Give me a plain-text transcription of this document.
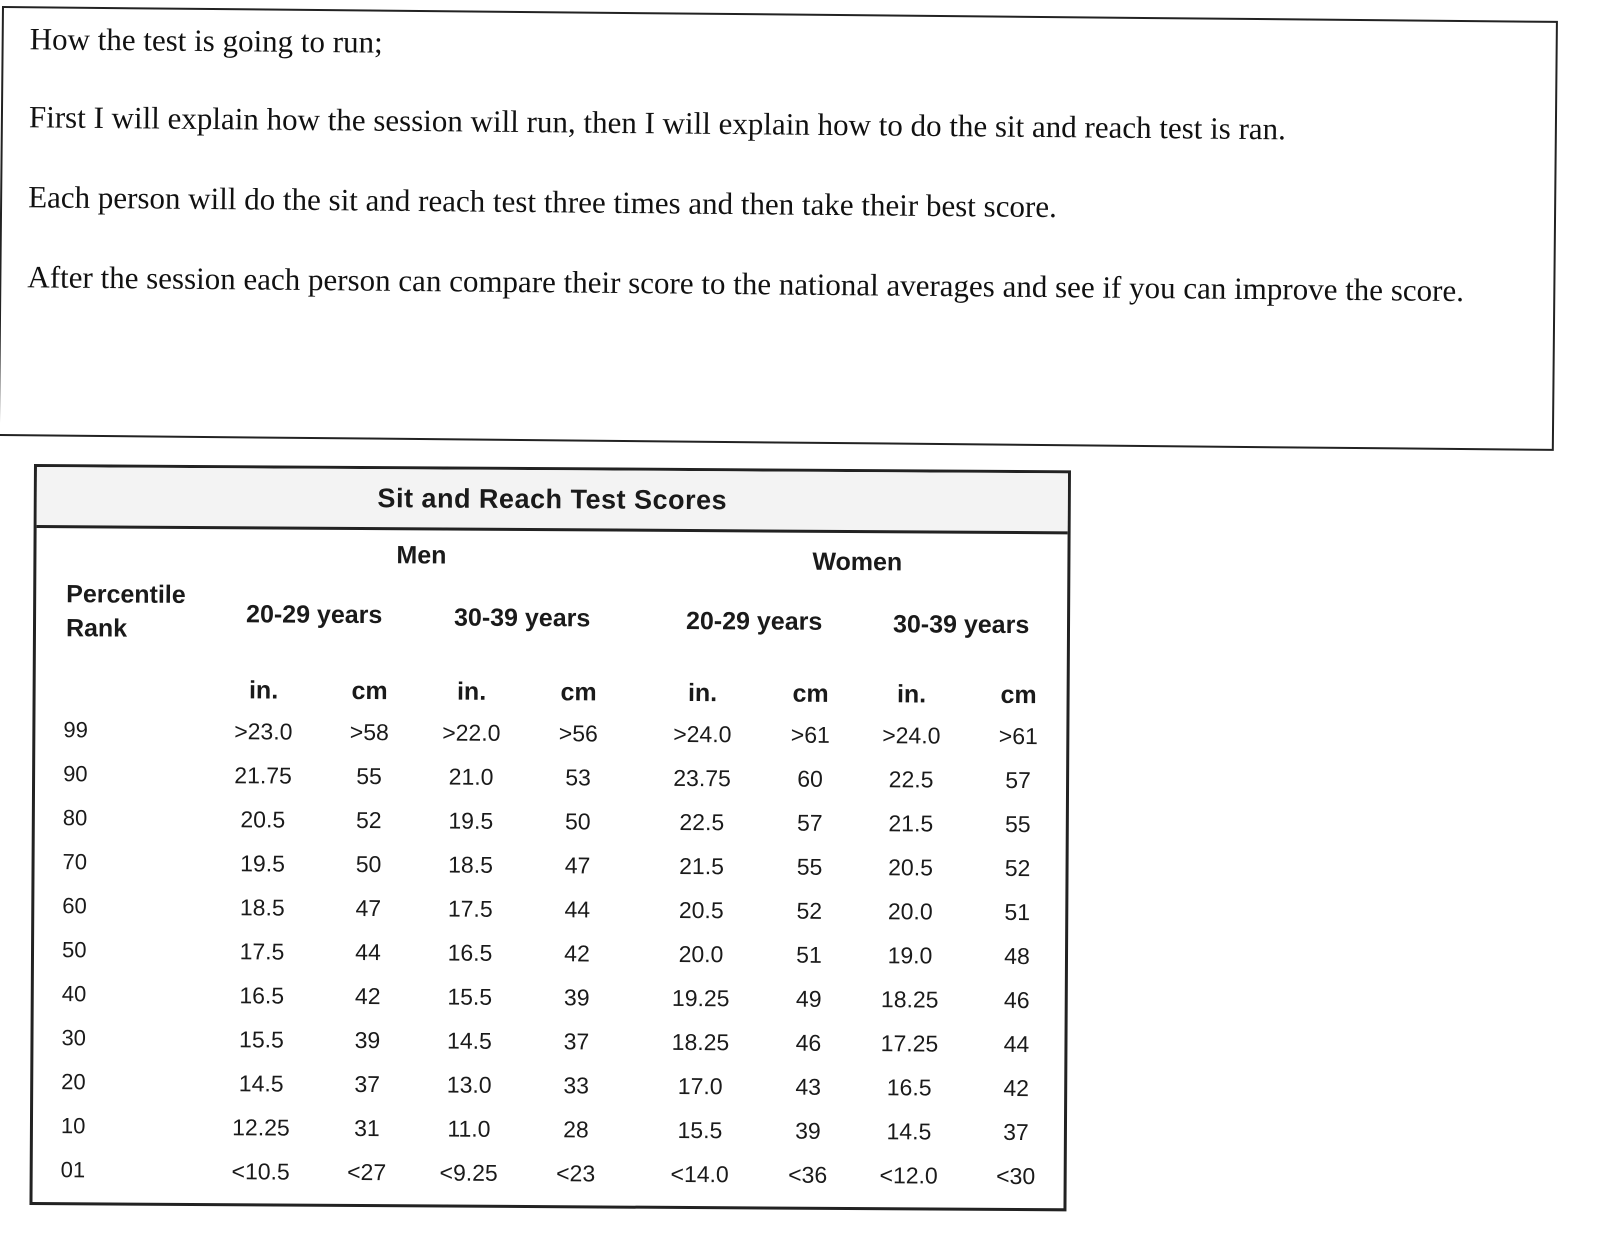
How the test is going to run;

First I will explain how the session will run, then I will explain how to do the sit and reach test is ran.

Each person will do the sit and reach test three times and then take their best score.

After the session each person can compare their score to the national averages and see if you can improve the score.

Sit and Reach Test Scores
Men	Women
Percentile
Rank	20-29 years	30-39 years	20-29 years	30-39 years
in.	cm	in.	cm	in.	cm	in.	cm
99	>23.0	>58	>22.0	>56	>24.0	>61	>24.0	>61
90	21.75	55	21.0	53	23.75	60	22.5	57
80	20.5	52	19.5	50	22.5	57	21.5	55
70	19.5	50	18.5	47	21.5	55	20.5	52
60	18.5	47	17.5	44	20.5	52	20.0	51
50	17.5	44	16.5	42	20.0	51	19.0	48
40	16.5	42	15.5	39	19.25	49	18.25	46
30	15.5	39	14.5	37	18.25	46	17.25	44
20	14.5	37	13.0	33	17.0	43	16.5	42
10	12.25	31	11.0	28	15.5	39	14.5	37
01	<10.5	<27	<9.25	<23	<14.0	<36	<12.0	<30
